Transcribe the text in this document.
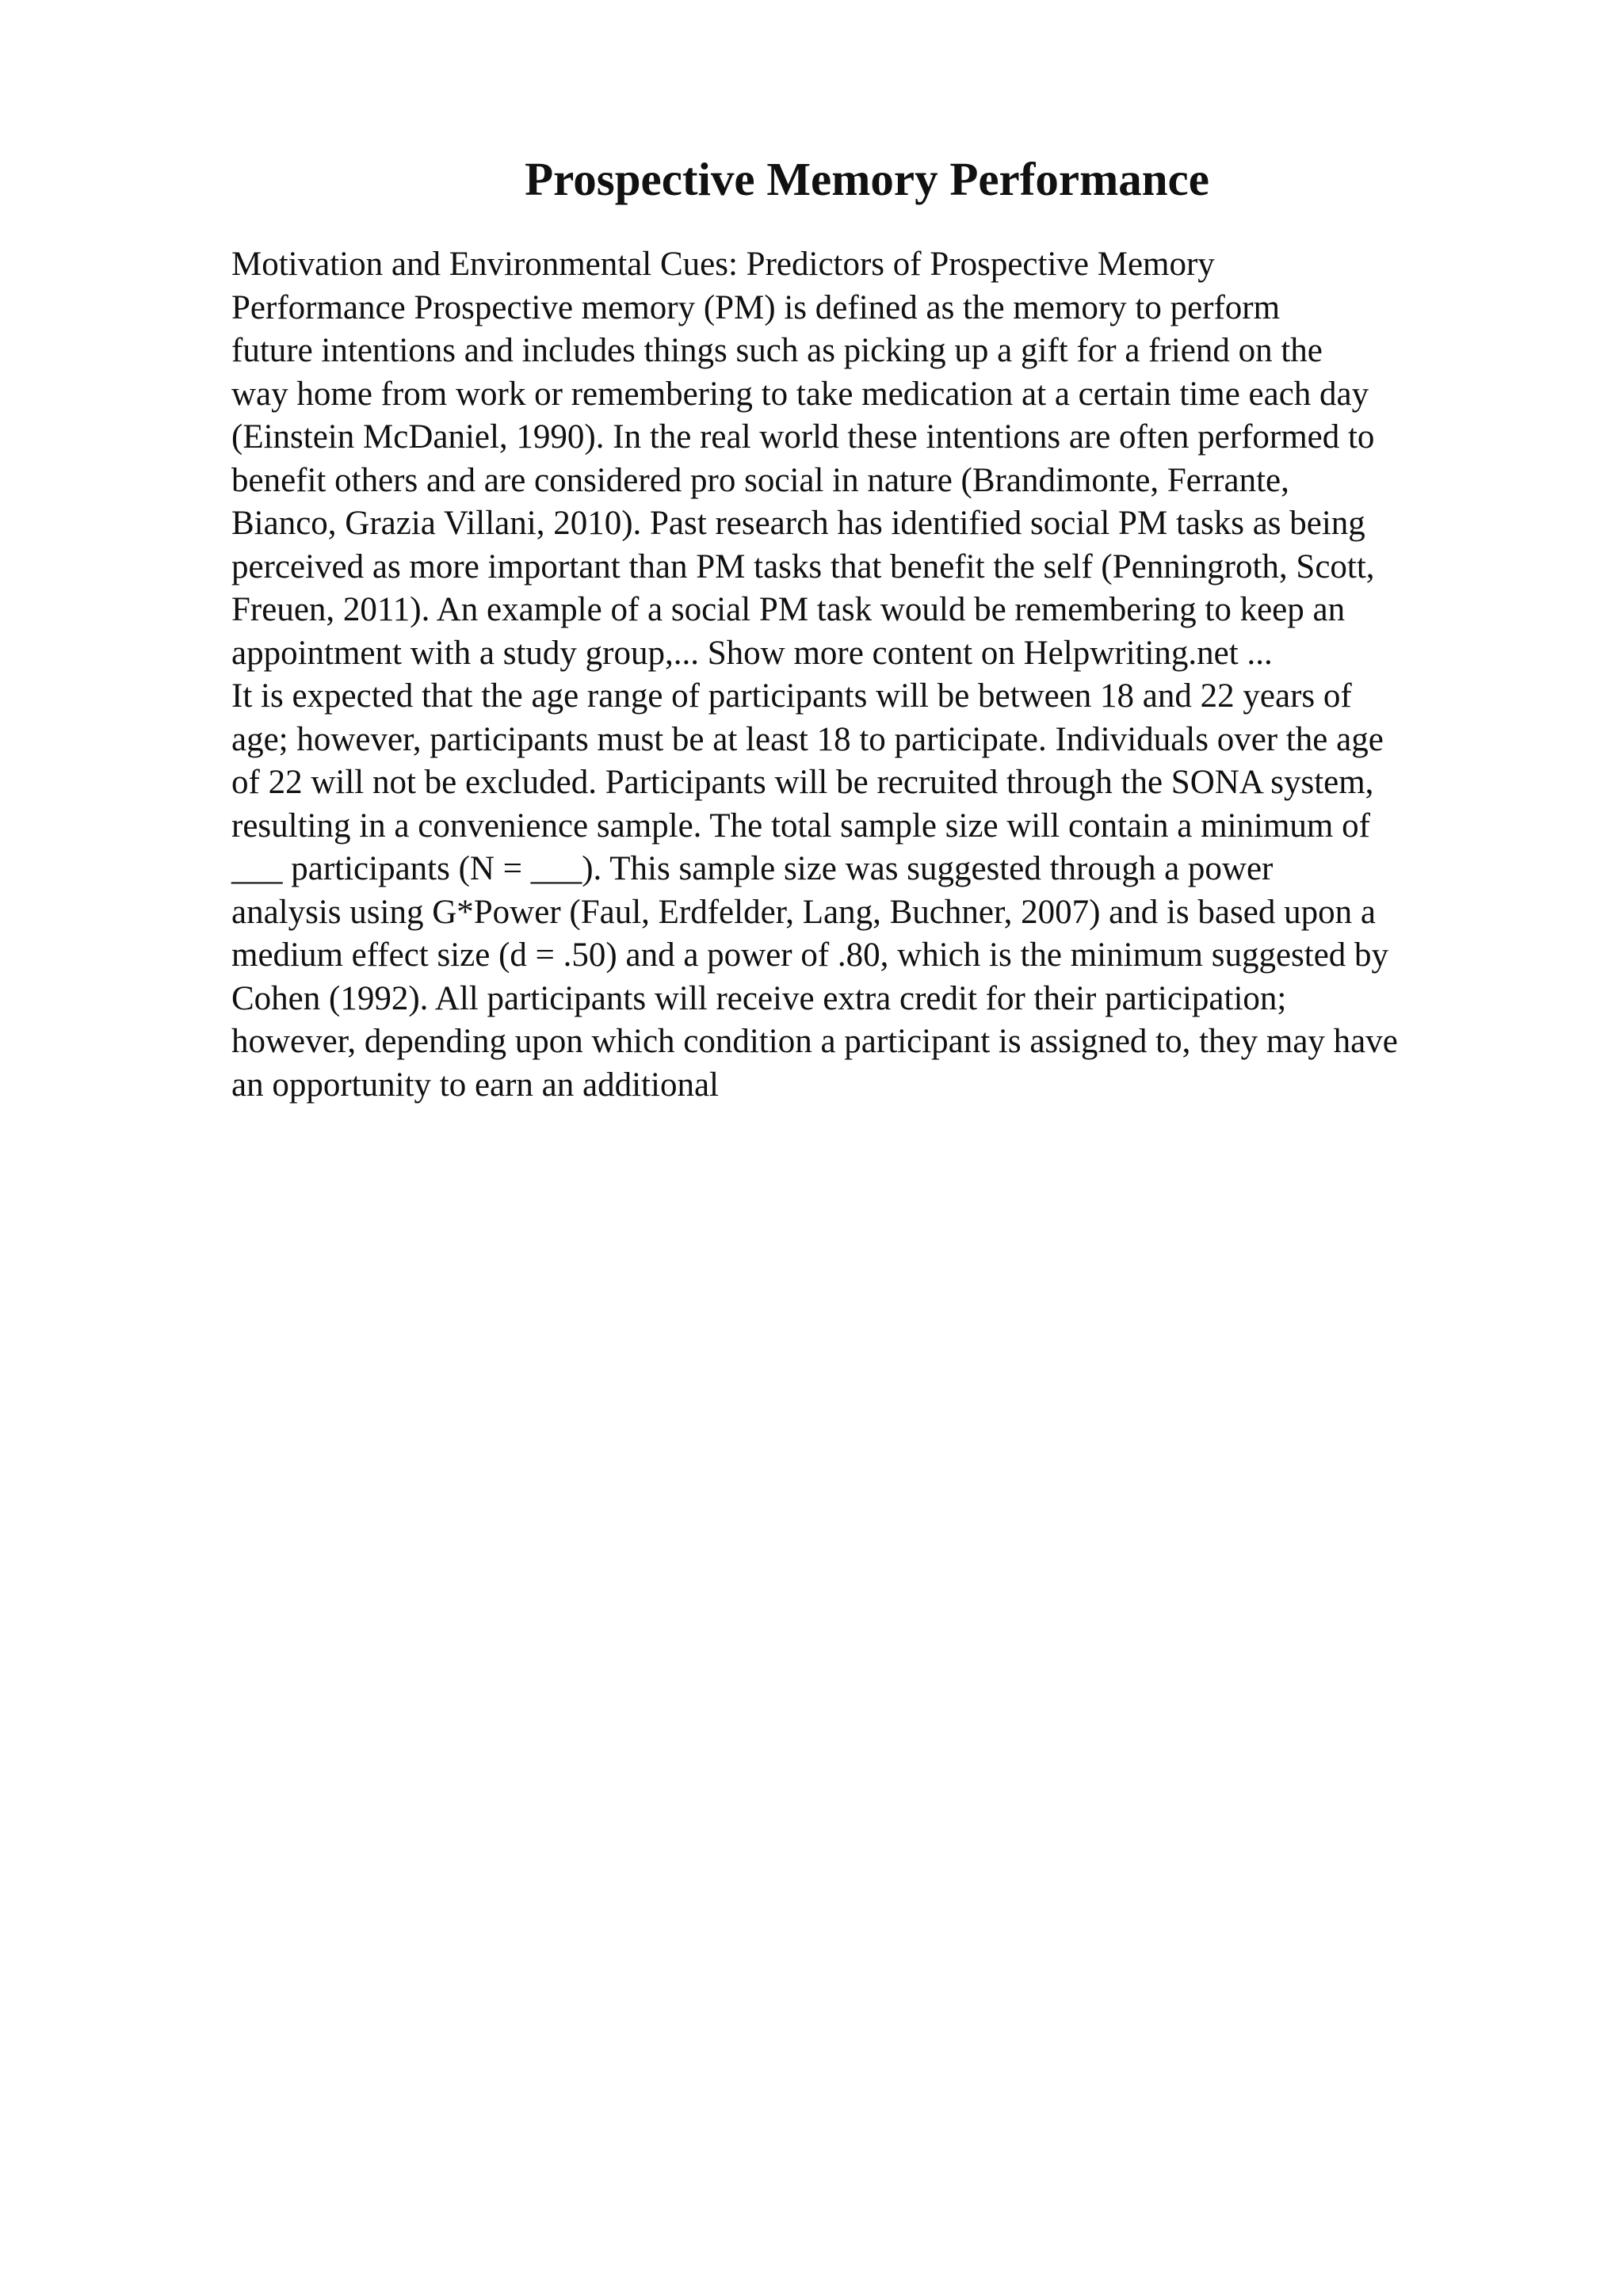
Prospective Memory Performance
Motivation and Environmental Cues: Predictors of Prospective Memory
Performance Prospective memory (PM) is defined as the memory to perform
future intentions and includes things such as picking up a gift for a friend on the
way home from work or remembering to take medication at a certain time each day
(Einstein McDaniel, 1990). In the real world these intentions are often performed to
benefit others and are considered pro social in nature (Brandimonte, Ferrante,
Bianco, Grazia Villani, 2010). Past research has identified social PM tasks as being
perceived as more important than PM tasks that benefit the self (Penningroth, Scott,
Freuen, 2011). An example of a social PM task would be remembering to keep an
appointment with a study group,... Show more content on Helpwriting.net ...
It is expected that the age range of participants will be between 18 and 22 years of
age; however, participants must be at least 18 to participate. Individuals over the age
of 22 will not be excluded. Participants will be recruited through the SONA system,
resulting in a convenience sample. The total sample size will contain a minimum of
___ participants (N = ___). This sample size was suggested through a power
analysis using G*Power (Faul, Erdfelder, Lang, Buchner, 2007) and is based upon a
medium effect size (d = .50) and a power of .80, which is the minimum suggested by
Cohen (1992). All participants will receive extra credit for their participation;
however, depending upon which condition a participant is assigned to, they may have
an opportunity to earn an additional
